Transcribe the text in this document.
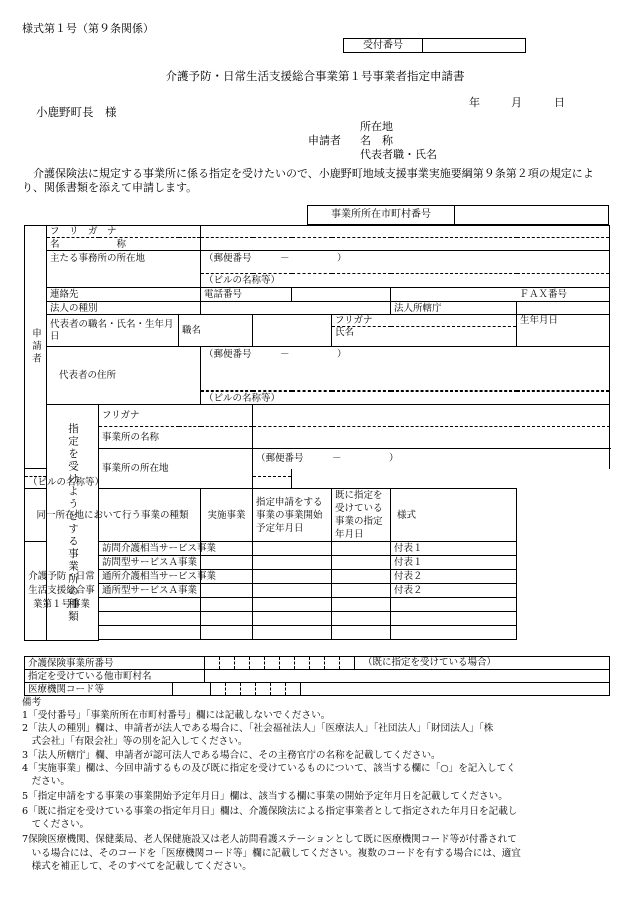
様式第１号（第９条関係）
受付番号
介護予防・日常生活支援総合事業第１号事業者指定申請書
年	月	日
小鹿野町長　様
所在地
申請者 名　称
代表者職・氏名
介護保険法に規定する事業所に係る指定を受けたいので、小鹿野町地域支援事業実施要綱第９条第２項の規定により、関係書類を添えて申請します。
事業所所在市町村番号
申請者	フ　リ　ガ　ナ									
	名　　　　　　称									
	主たる事務所の所在地			（郵便番号　　　－　　　　　）						

				（ビルの名称等）						
	連絡先			電話番号					ＦＡＸ番号	
	法人の種別							法人所轄庁		
	代表者の職名・氏名・生年月日		職名				フリガナ		生年月日	
							氏名			
	代表者の住所			（郵便番号　　　－　　　　　）						

				（ビルの名称等）						
	指定を受けようとする事業所の種類	フリガナ								
		事業所の名称								
		事業所の所在地			（郵便番号　　　－　　　　　）					

（ビルの名称等）										
同一所在地において行う事業の種類				実施事業	指定申請をする事業の事業開始予定年月日		既に指定を受けている事業の指定年月日	様式		
介護予防・日常生活支援総合事業第１号事業		訪問介護相当サービス事業						付表１		
		訪問型サービスＡ事業						付表１		
		通所介護相当サービス事業						付表２		
		通所型サービスＡ事業						付表２		

介護保険事業所番号		（既に指定を受けている場合）

指定を受けている他市町村名		
医療機関コード等		
備考
1「受付番号」「事業所所在市町村番号」欄には記載しないでください。
2「法人の種別」欄は、申請者が法人である場合に、「社会福祉法人」「医療法人」「社団法人」「財団法人」「株
　式会社」「有限会社」等の別を記入してください。
3「法人所轄庁」欄、申請者が認可法人である場合に、その主務官庁の名称を記載してください。
4「実施事業」欄は、今回申請するもの及び既に指定を受けているものについて、該当する欄に「○」を記入してく
　ださい。
5「指定申請をする事業の事業開始予定年月日」欄は、該当する欄に事業の開始予定年月日を記載してください。
6「既に指定を受けている事業の指定年月日」欄は、介護保険法による指定事業者として指定された年月日を記載し
　てください。
7保険医療機関、保健薬局、老人保健施設又は老人訪問看護ステーションとして既に医療機関コード等が付番されて
　いる場合には、そのコードを「医療機関コード等」欄に記載してください。複数のコードを有する場合には、適宜
　様式を補正して、そのすべてを記載してください。
